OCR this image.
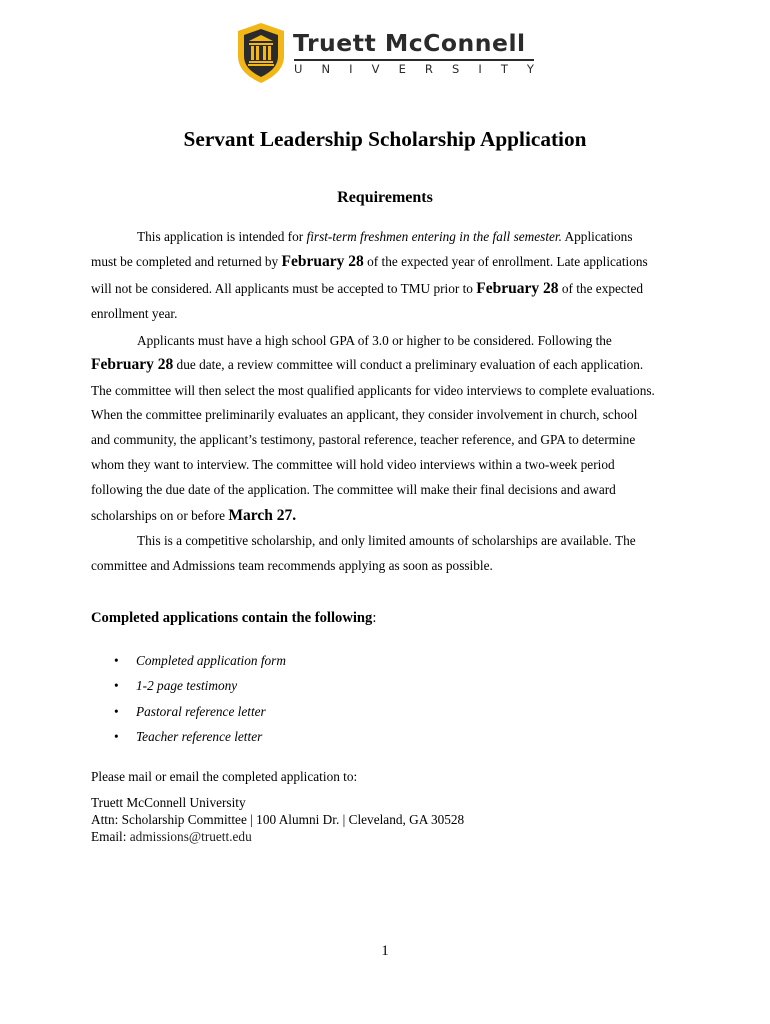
Truett McConnell
U N I V E R S I T Y
Servant Leadership Scholarship Application
Requirements
This application is intended for first-term freshmen entering in the fall semester. Applications
must be completed and returned by February 28 of the expected year of enrollment. Late applications
will not be considered. All applicants must be accepted to TMU prior to February 28 of the expected
enrollment year.
Applicants must have a high school GPA of 3.0 or higher to be considered. Following the
February 28 due date, a review committee will conduct a preliminary evaluation of each application.
The committee will then select the most qualified applicants for video interviews to complete evaluations.
When the committee preliminarily evaluates an applicant, they consider involvement in church, school
and community, the applicant’s testimony, pastoral reference, teacher reference, and GPA to determine
whom they want to interview. The committee will hold video interviews within a two-week period
following the due date of the application. The committee will make their final decisions and award
scholarships on or before March 27.
This is a competitive scholarship, and only limited amounts of scholarships are available. The
committee and Admissions team recommends applying as soon as possible.
Completed applications contain the following:
• Completed application form
• 1-2 page testimony
• Pastoral reference letter
• Teacher reference letter
Please mail or email the completed application to:
Truett McConnell University
Attn: Scholarship Committee | 100 Alumni Dr. | Cleveland, GA 30528
Email: admissions@truett.edu
1
